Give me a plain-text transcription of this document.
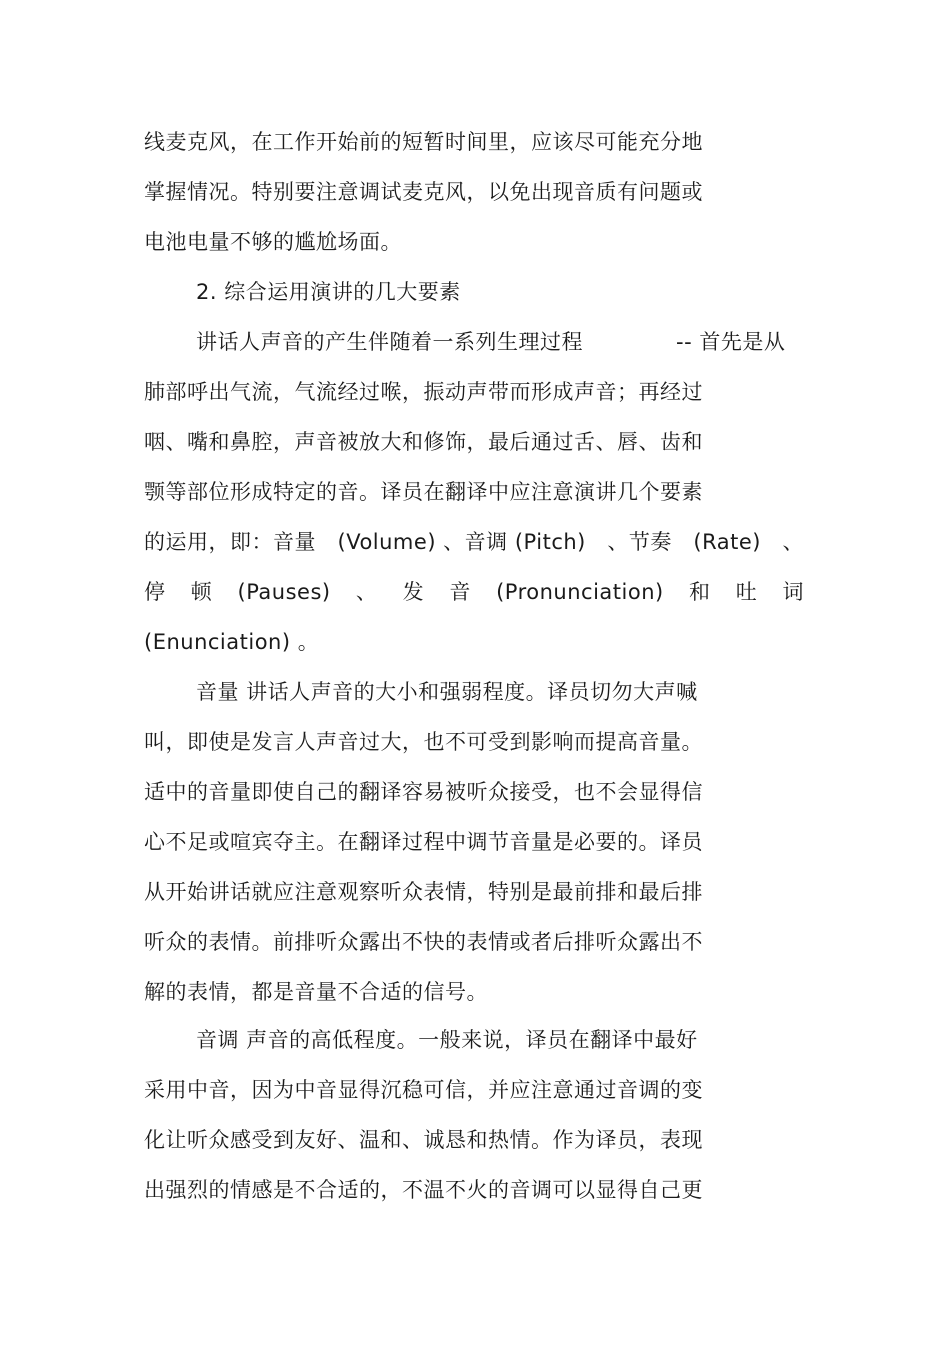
线麦克风，在工作开始前的短暂时间里，应该尽可能充分地
掌握情况。特别要注意调试麦克风，以免出现音质有问题或
电池电量不够的尴尬场面。
2. 综合运用演讲的几大要素
讲话人声音的产生伴随着一系列生理过程	-- 首先是从
肺部呼出气流，气流经过喉，振动声带而形成声音；再经过
咽、嘴和鼻腔，声音被放大和修饰，最后通过舌、唇、齿和
颚等部位形成特定的音。译员在翻译中应注意演讲几个要素
的运用，即：音量 (Volume) 、音调 (Pitch) 、节奏 (Rate) 、
停 顿 (Pauses) 、 发 音 (Pronunciation) 和 吐 词
(Enunciation) 。
音量 讲话人声音的大小和强弱程度。译员切勿大声喊
叫，即使是发言人声音过大，也不可受到影响而提高音量。
适中的音量即使自己的翻译容易被听众接受，也不会显得信
心不足或喧宾夺主。在翻译过程中调节音量是必要的。译员
从开始讲话就应注意观察听众表情，特别是最前排和最后排
听众的表情。前排听众露出不快的表情或者后排听众露出不
解的表情，都是音量不合适的信号。
音调 声音的高低程度。一般来说，译员在翻译中最好
采用中音，因为中音显得沉稳可信，并应注意通过音调的变
化让听众感受到友好、温和、诚恳和热情。作为译员，表现
出强烈的情感是不合适的，不温不火的音调可以显得自己更
